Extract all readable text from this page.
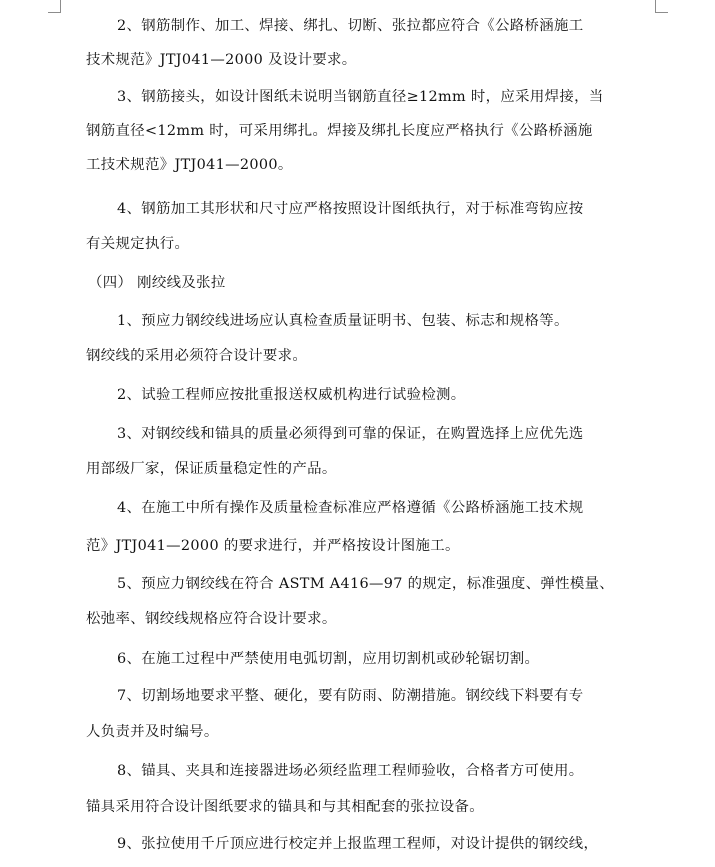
2、钢筋制作、加工、焊接、绑扎、切断、张拉都应符合《公路桥涵施工
技术规范》JTJ041—2000 及设计要求。
3、钢筋接头，如设计图纸未说明当钢筋直径≥12mm 时，应采用焊接，当
钢筋直径<12mm 时，可采用绑扎。焊接及绑扎长度应严格执行《公路桥涵施
工技术规范》JTJ041—2000。
4、钢筋加工其形状和尺寸应严格按照设计图纸执行，对于标准弯钩应按
有关规定执行。
（四） 刚绞线及张拉
1、预应力钢绞线进场应认真检查质量证明书、包装、标志和规格等。
钢绞线的采用必须符合设计要求。
2、试验工程师应按批重报送权威机构进行试验检测。
3、对钢绞线和锚具的质量必须得到可靠的保证，在购置选择上应优先选
用部级厂家，保证质量稳定性的产品。
4、在施工中所有操作及质量检查标准应严格遵循《公路桥涵施工技术规
范》JTJ041—2000 的要求进行，并严格按设计图施工。
5、预应力钢绞线在符合 ASTM A416—97 的规定，标准强度、弹性模量、
松弛率、钢绞线规格应符合设计要求。
6、在施工过程中严禁使用电弧切割，应用切割机或砂轮锯切割。
7、切割场地要求平整、硬化，要有防雨、防潮措施。钢绞线下料要有专
人负责并及时编号。
8、锚具、夹具和连接器进场必须经监理工程师验收，合格者方可使用。
锚具采用符合设计图纸要求的锚具和与其相配套的张拉设备。
9、张拉使用千斤顶应进行校定并上报监理工程师，对设计提供的钢绞线，
